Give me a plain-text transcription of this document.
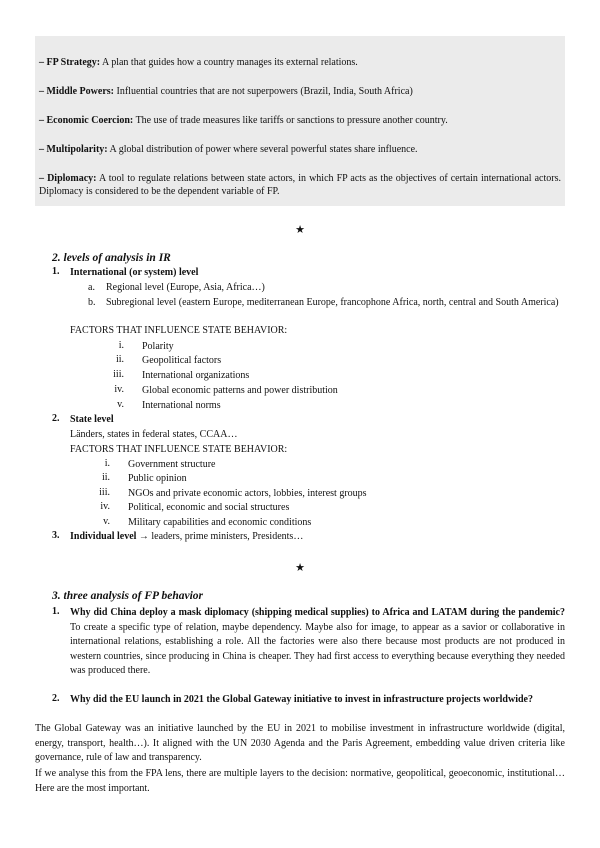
– FP Strategy: A plan that guides how a country manages its external relations.
– Middle Powers: Influential countries that are not superpowers (Brazil, India, South Africa)
– Economic Coercion: The use of trade measures like tariffs or sanctions to pressure another country.
– Multipolarity: A global distribution of power where several powerful states share influence.
– Diplomacy: A tool to regulate relations between state actors, in which FP acts as the objectives of certain international actors. Diplomacy is considered to be the dependent variable of FP.
★
2. levels of analysis in IR
1. International (or system) level
a. Regional level (Europe, Asia, Africa…)
b. Subregional level (eastern Europe, mediterranean Europe, francophone Africa, north, central and South America)
FACTORS THAT INFLUENCE STATE BEHAVIOR:
i. Polarity
ii. Geopolitical factors
iii. International organizations
iv. Global economic patterns and power distribution
v. International norms
2. State level
Länders, states in federal states, CCAA…
FACTORS THAT INFLUENCE STATE BEHAVIOR:
i. Government structure
ii. Public opinion
iii. NGOs and private economic actors, lobbies, interest groups
iv. Political, economic and social structures
v. Military capabilities and economic conditions
3. Individual level → leaders, prime ministers, Presidents…
★
3. three analysis of FP behavior
1. Why did China deploy a mask diplomacy (shipping medical supplies) to Africa and LATAM during the pandemic? To create a specific type of relation, maybe dependency. Maybe also for image, to appear as a savior or collaborative in international relations, establishing a role. All the factories were also there because most products are not produced in western countries, since producing in China is cheaper. They had first access to everything because everything they needed was produced there.
2. Why did the EU launch in 2021 the Global Gateway initiative to invest in infrastructure projects worldwide?
The Global Gateway was an initiative launched by the EU in 2021 to mobilise investment in infrastructure worldwide (digital, energy, transport, health…). It aligned with the UN 2030 Agenda and the Paris Agreement, embedding value driven criteria like governance, rule of law and transparency.
If we analyse this from the FPA lens, there are multiple layers to the decision: normative, geopolitical, geoeconomic, institutional… Here are the most important.
